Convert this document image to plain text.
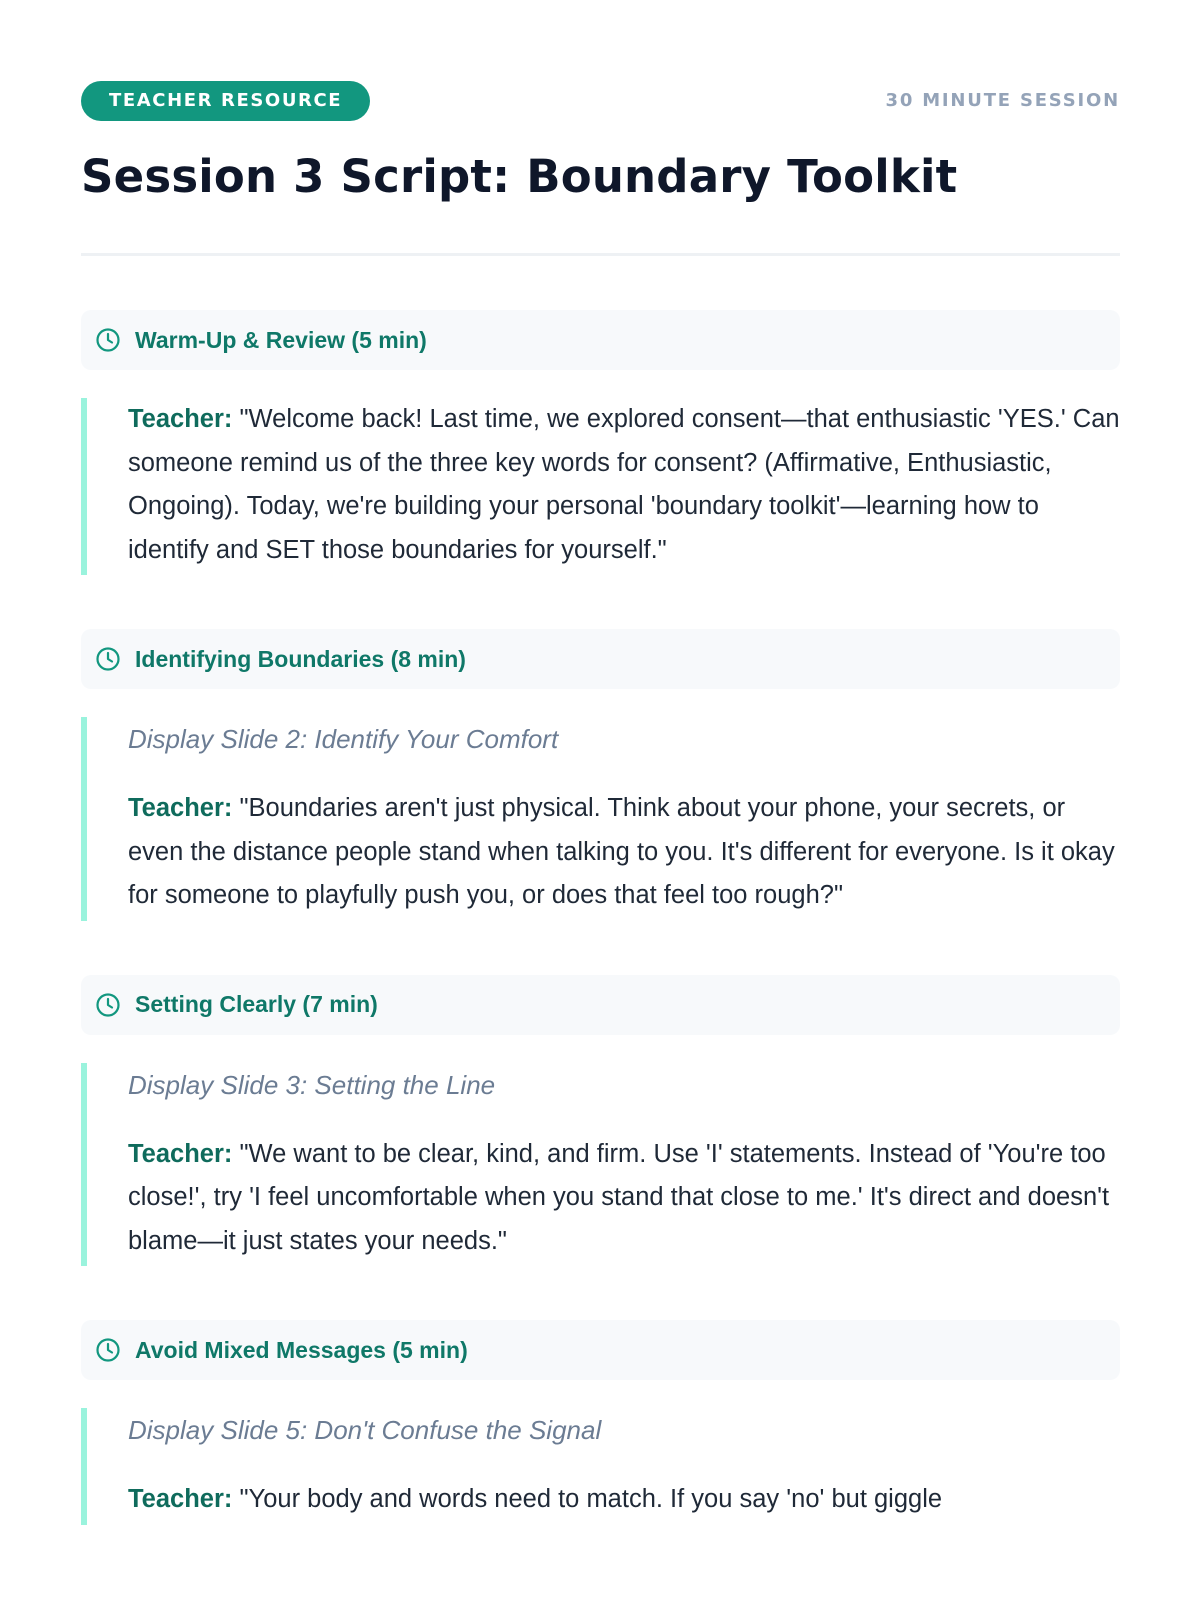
TEACHER RESOURCE	30 MINUTE SESSION
Session 3 Script: Boundary Toolkit
Warm-Up & Review (5 min)

Teacher: "Welcome back! Last time, we explored consent—that enthusiastic 'YES.' Can someone remind us of the three key words for consent? (Affirmative, Enthusiastic, Ongoing). Today, we're building your personal 'boundary toolkit'—learning how to identify and SET those boundaries for yourself."

Identifying Boundaries (8 min)

Display Slide 2: Identify Your Comfort

Teacher: "Boundaries aren't just physical. Think about your phone, your secrets, or even the distance people stand when talking to you. It's different for everyone. Is it okay for someone to playfully push you, or does that feel too rough?"

Setting Clearly (7 min)

Display Slide 3: Setting the Line

Teacher: "We want to be clear, kind, and firm. Use 'I' statements. Instead of 'You're too close!', try 'I feel uncomfortable when you stand that close to me.' It's direct and doesn't blame—it just states your needs."

Avoid Mixed Messages (5 min)

Display Slide 5: Don't Confuse the Signal

Teacher: "Your body and words need to match. If you say 'no' but giggle
